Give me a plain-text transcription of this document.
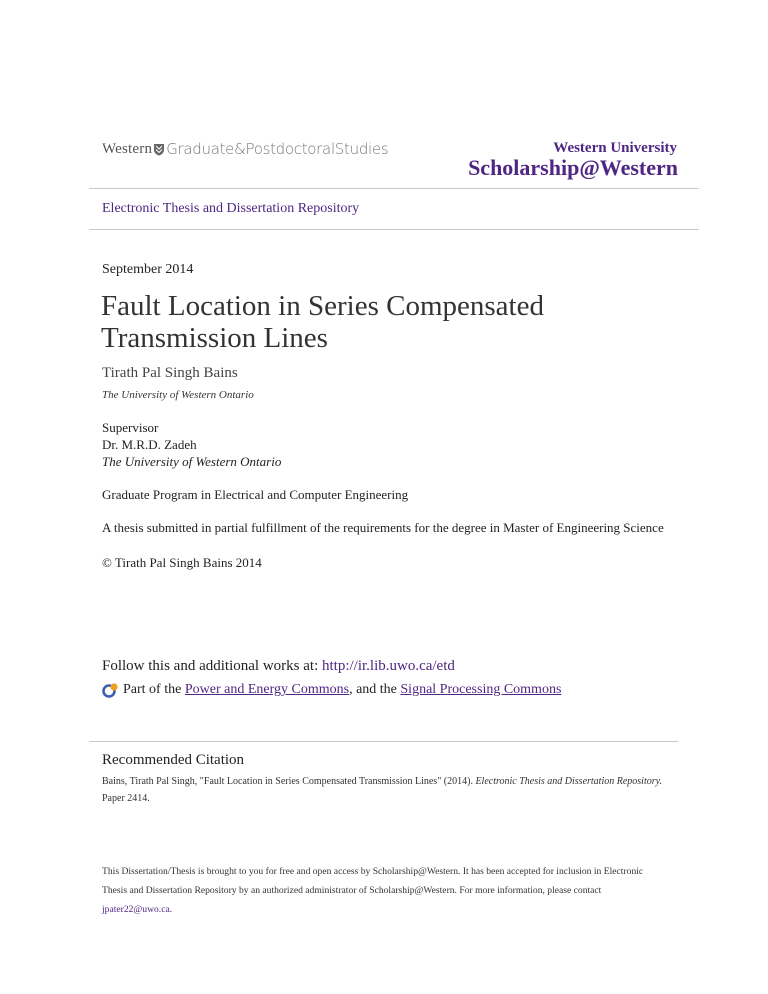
Western Graduate&PostdoctoralStudies	Western University
Scholarship@Western
Electronic Thesis and Dissertation Repository
September 2014
Fault Location in Series Compensated Transmission Lines
Tirath Pal Singh Bains
The University of Western Ontario
Supervisor
Dr. M.R.D. Zadeh
The University of Western Ontario
Graduate Program in Electrical and Computer Engineering
A thesis submitted in partial fulfillment of the requirements for the degree in Master of Engineering Science
© Tirath Pal Singh Bains 2014
Follow this and additional works at: http://ir.lib.uwo.ca/etd
Part of the
Power and Energy Commons , and the
Signal Processing Commons
Recommended Citation
Bains, Tirath Pal Singh, "Fault Location in Series Compensated Transmission Lines" (2014). Electronic Thesis and Dissertation Repository. Paper 2414.
This Dissertation/Thesis is brought to you for free and open access by Scholarship@Western. It has been accepted for inclusion in Electronic Thesis and Dissertation Repository by an authorized administrator of Scholarship@Western. For more information, please contact jpater22@uwo.ca.
